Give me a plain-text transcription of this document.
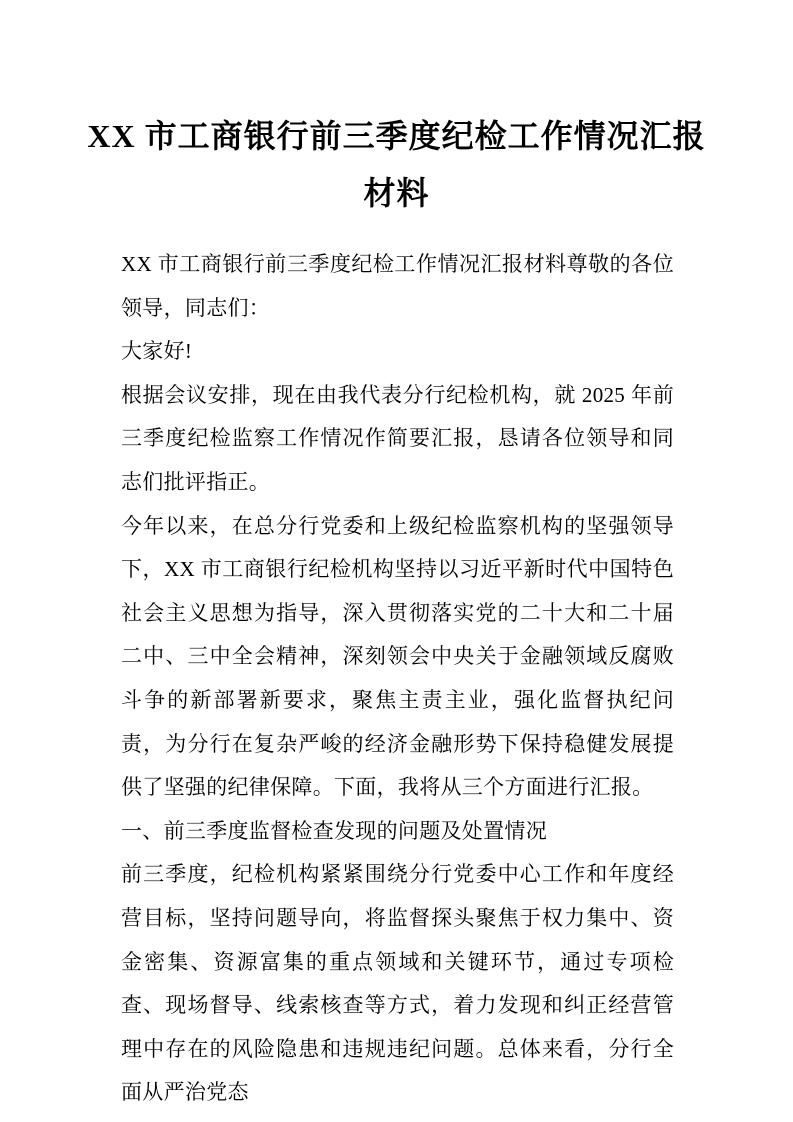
XX 市工商银行前三季度纪检工作情况汇报
材料

XX 市工商银行前三季度纪检工作情况汇报材料尊敬的各位领导，同志们：

大家好!

根据会议安排，现在由我代表分行纪检机构，就 2025 年前三季度纪检监察工作情况作简要汇报，恳请各位领导和同志们批评指正。

今年以来，在总分行党委和上级纪检监察机构的坚强领导下，XX 市工商银行纪检机构坚持以习近平新时代中国特色社会主义思想为指导，深入贯彻落实党的二十大和二十届二中、三中全会精神，深刻领会中央关于金融领域反腐败斗争的新部署新要求，聚焦主责主业，强化监督执纪问责，为分行在复杂严峻的经济金融形势下保持稳健发展提供了坚强的纪律保障。下面，我将从三个方面进行汇报。

一、前三季度监督检查发现的问题及处置情况

前三季度，纪检机构紧紧围绕分行党委中心工作和年度经营目标，坚持问题导向，将监督探头聚焦于权力集中、资金密集、资源富集的重点领域和关键环节，通过专项检查、现场督导、线索核查等方式，着力发现和纠正经营管理中存在的风险隐患和违规违纪问题。总体来看，分行全面从严治党态
